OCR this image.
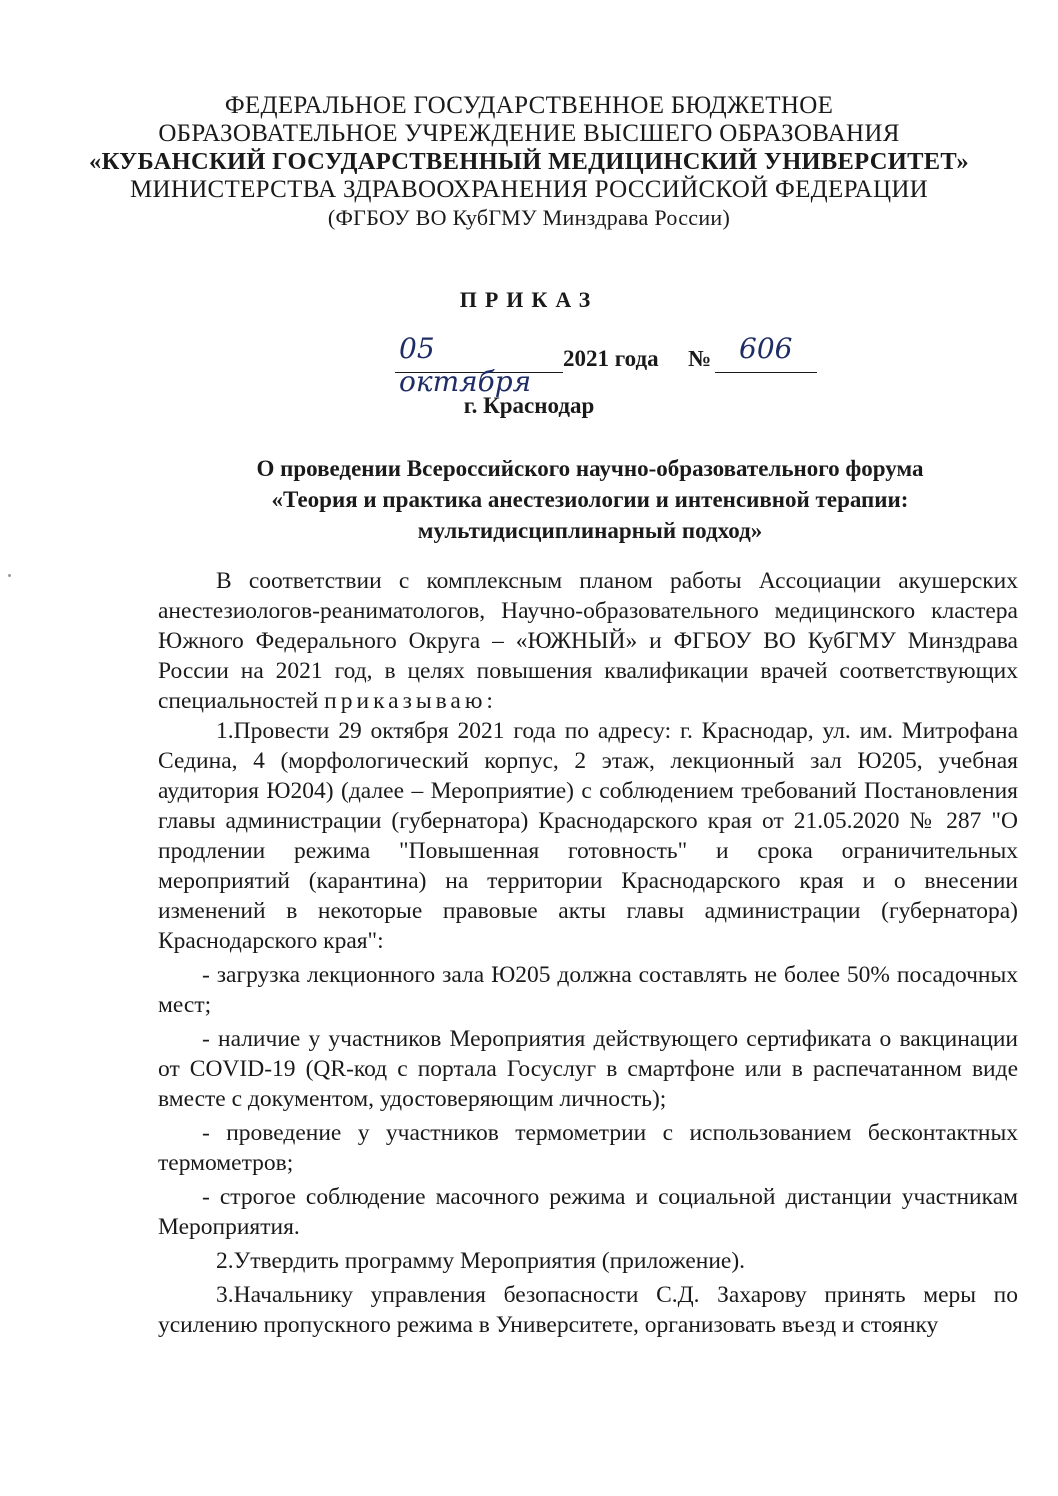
ФЕДЕРАЛЬНОЕ ГОСУДАРСТВЕННОЕ БЮДЖЕТНОЕ
ОБРАЗОВАТЕЛЬНОЕ УЧРЕЖДЕНИЕ ВЫСШЕГО ОБРАЗОВАНИЯ
«КУБАНСКИЙ ГОСУДАРСТВЕННЫЙ МЕДИЦИНСКИЙ УНИВЕРСИТЕТ»
МИНИСТЕРСТВА ЗДРАВООХРАНЕНИЯ РОССИЙСКОЙ ФЕДЕРАЦИИ
(ФГБОУ ВО КубГМУ Минздрава России)
ПРИКАЗ
05 октября
2021 года № 606
г. Краснодар
О проведении Всероссийского научно-образовательного форума
«Теория и практика анестезиологии и интенсивной терапии:
мультидисциплинарный подход»

В соответствии с комплексным планом работы Ассоциации акушерских анестезиологов-реаниматологов, Научно-образовательного медицинского кластера Южного Федерального Округа – «ЮЖНЫЙ» и ФГБОУ ВО КубГМУ Минздрава России на 2021 год, в целях повышения квалификации врачей соответствующих специальностей приказываю:

1.Провести 29 октября 2021 года по адресу: г. Краснодар, ул. им. Митрофана Седина, 4 (морфологический корпус, 2 этаж, лекционный зал Ю205, учебная аудитория Ю204) (далее – Мероприятие) с соблюдением требований Постановления главы администрации (губернатора) Краснодарского края от 21.05.2020 № 287 "О продлении режима "Повышенная готовность" и срока ограничительных мероприятий (карантина) на территории Краснодарского края и о внесении изменений в некоторые правовые акты главы администрации (губернатора) Краснодарского края":

- загрузка лекционного зала Ю205 должна составлять не более 50% посадочных мест;

- наличие у участников Мероприятия действующего сертификата о вакцинации от COVID-19 (QR-код с портала Госуслуг в смартфоне или в распечатанном виде вместе с документом, удостоверяющим личность);

- проведение у участников термометрии с использованием бесконтактных термометров;

- строгое соблюдение масочного режима и социальной дистанции участникам Мероприятия.

2.Утвердить программу Мероприятия (приложение).

3.Начальнику управления безопасности С.Д. Захарову принять меры по усилению пропускного режима в Университете, организовать въезд и стоянку
